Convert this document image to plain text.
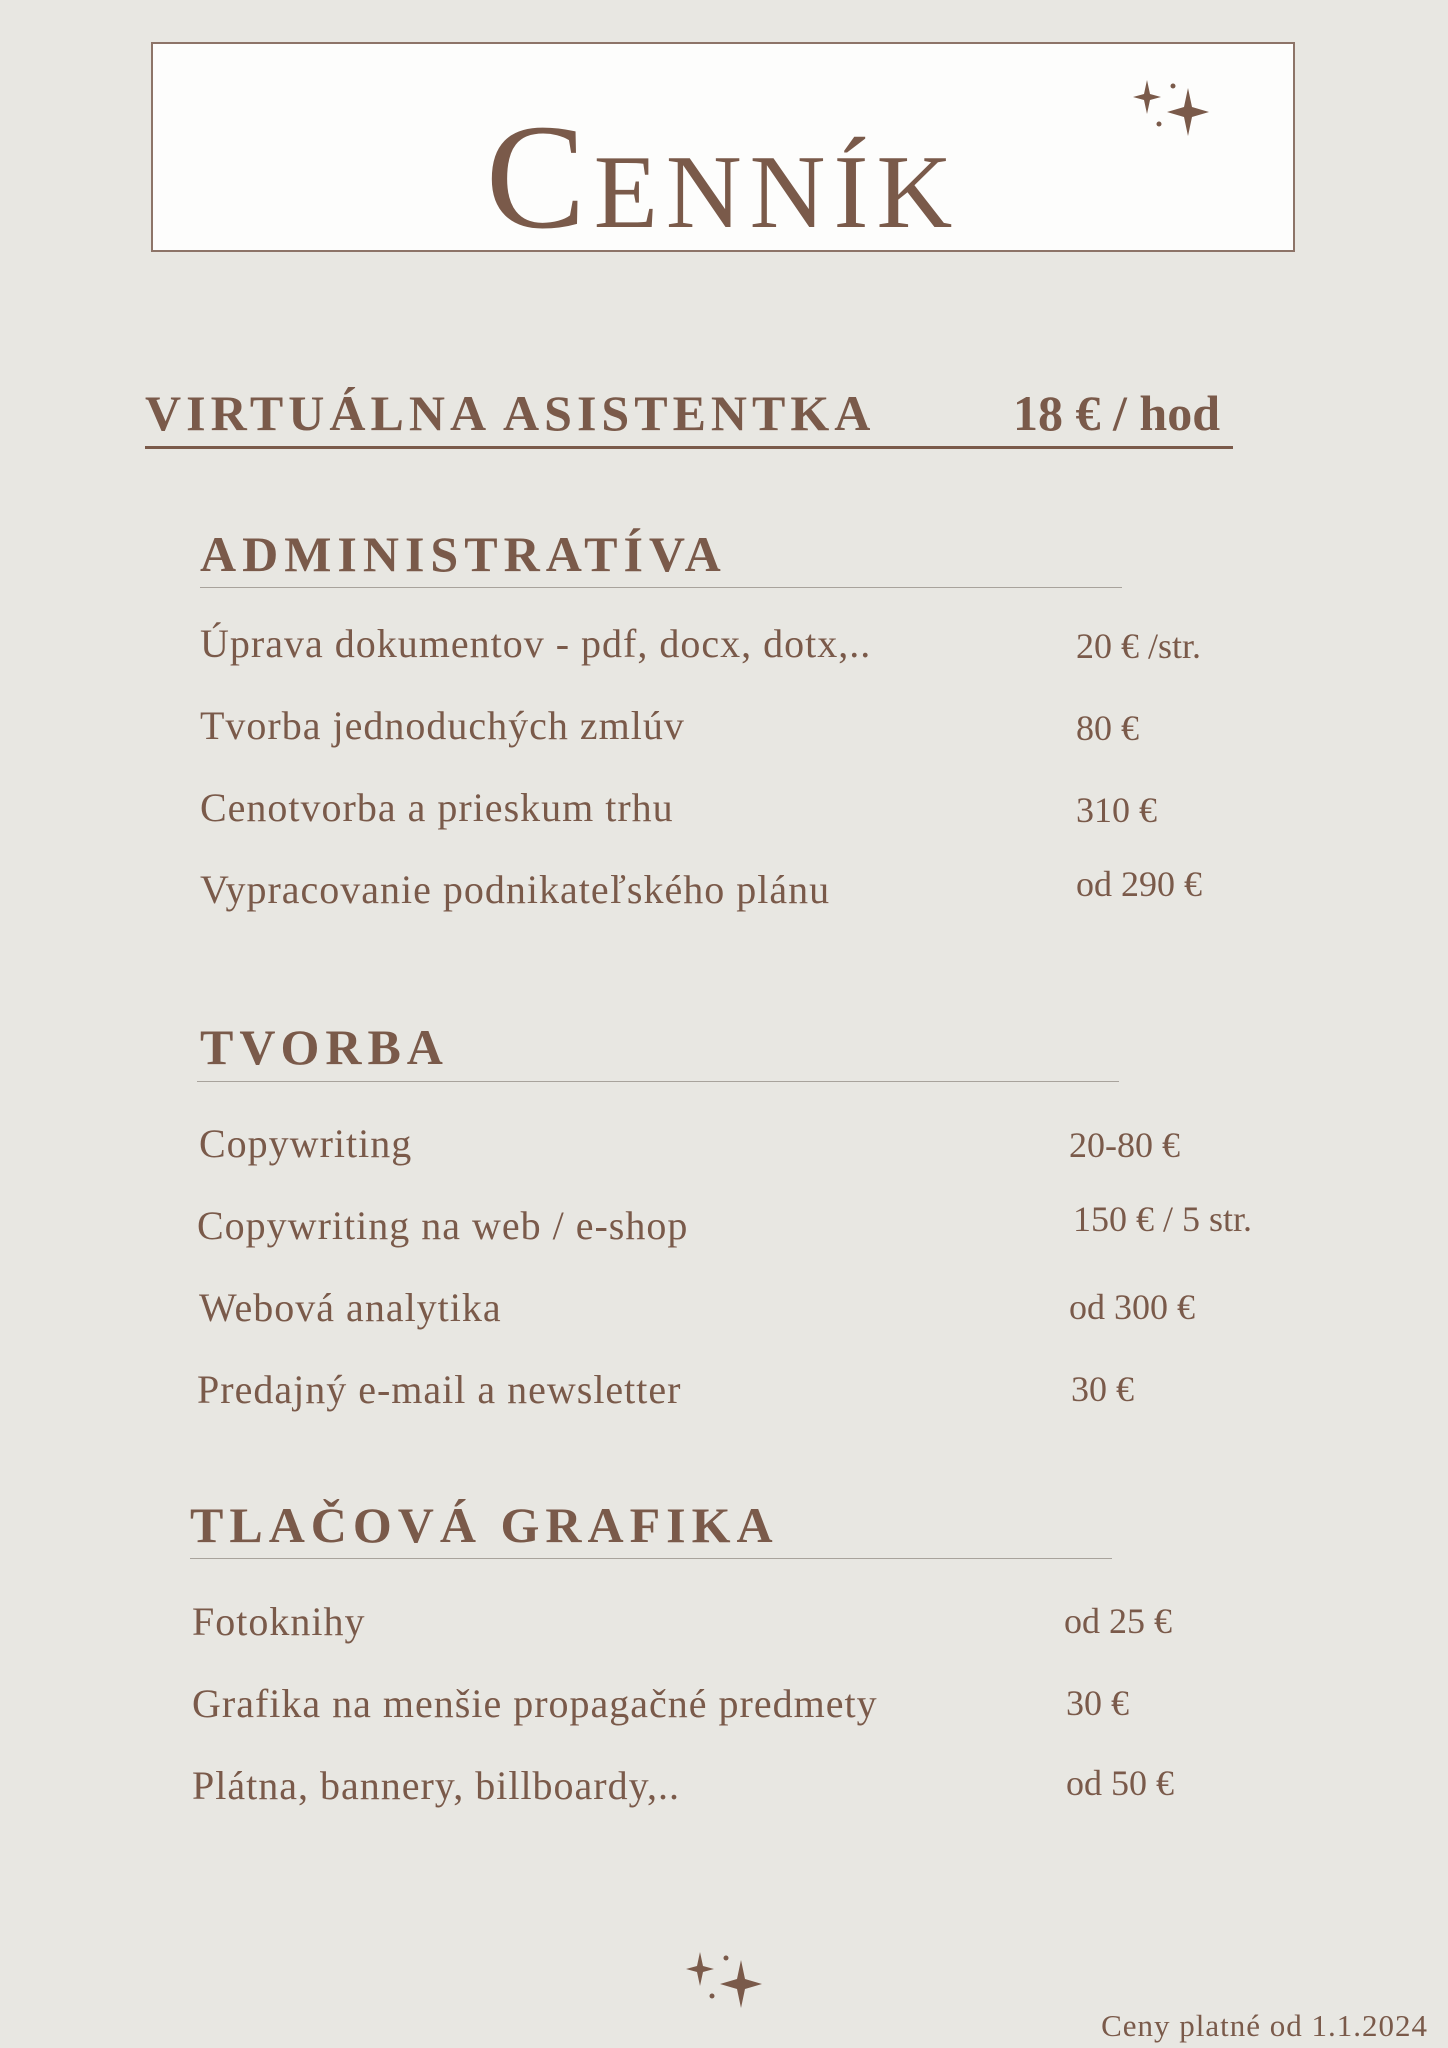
Cenník
VIRTUÁLNA ASISTENTKA	18 € / hod
ADMINISTRATÍVA
Úprava dokumentov - pdf, docx, dotx,..	20 € /str.
Tvorba jednoduchých zmlúv	80 €
Cenotvorba a prieskum trhu	310 €
Vypracovanie podnikateľského plánu	od 290 €
TVORBA
Copywriting	20-80 €
Copywriting na web / e-shop	150 € / 5 str.
Webová analytika	od 300 €
Predajný e-mail a newsletter	30 €
TLAČOVÁ GRAFIKA
Fotoknihy	od 25 €
Grafika na menšie propagačné predmety	30 €
Plátna, bannery, billboardy,..	od 50 €
Ceny platné od 1.1.2024
